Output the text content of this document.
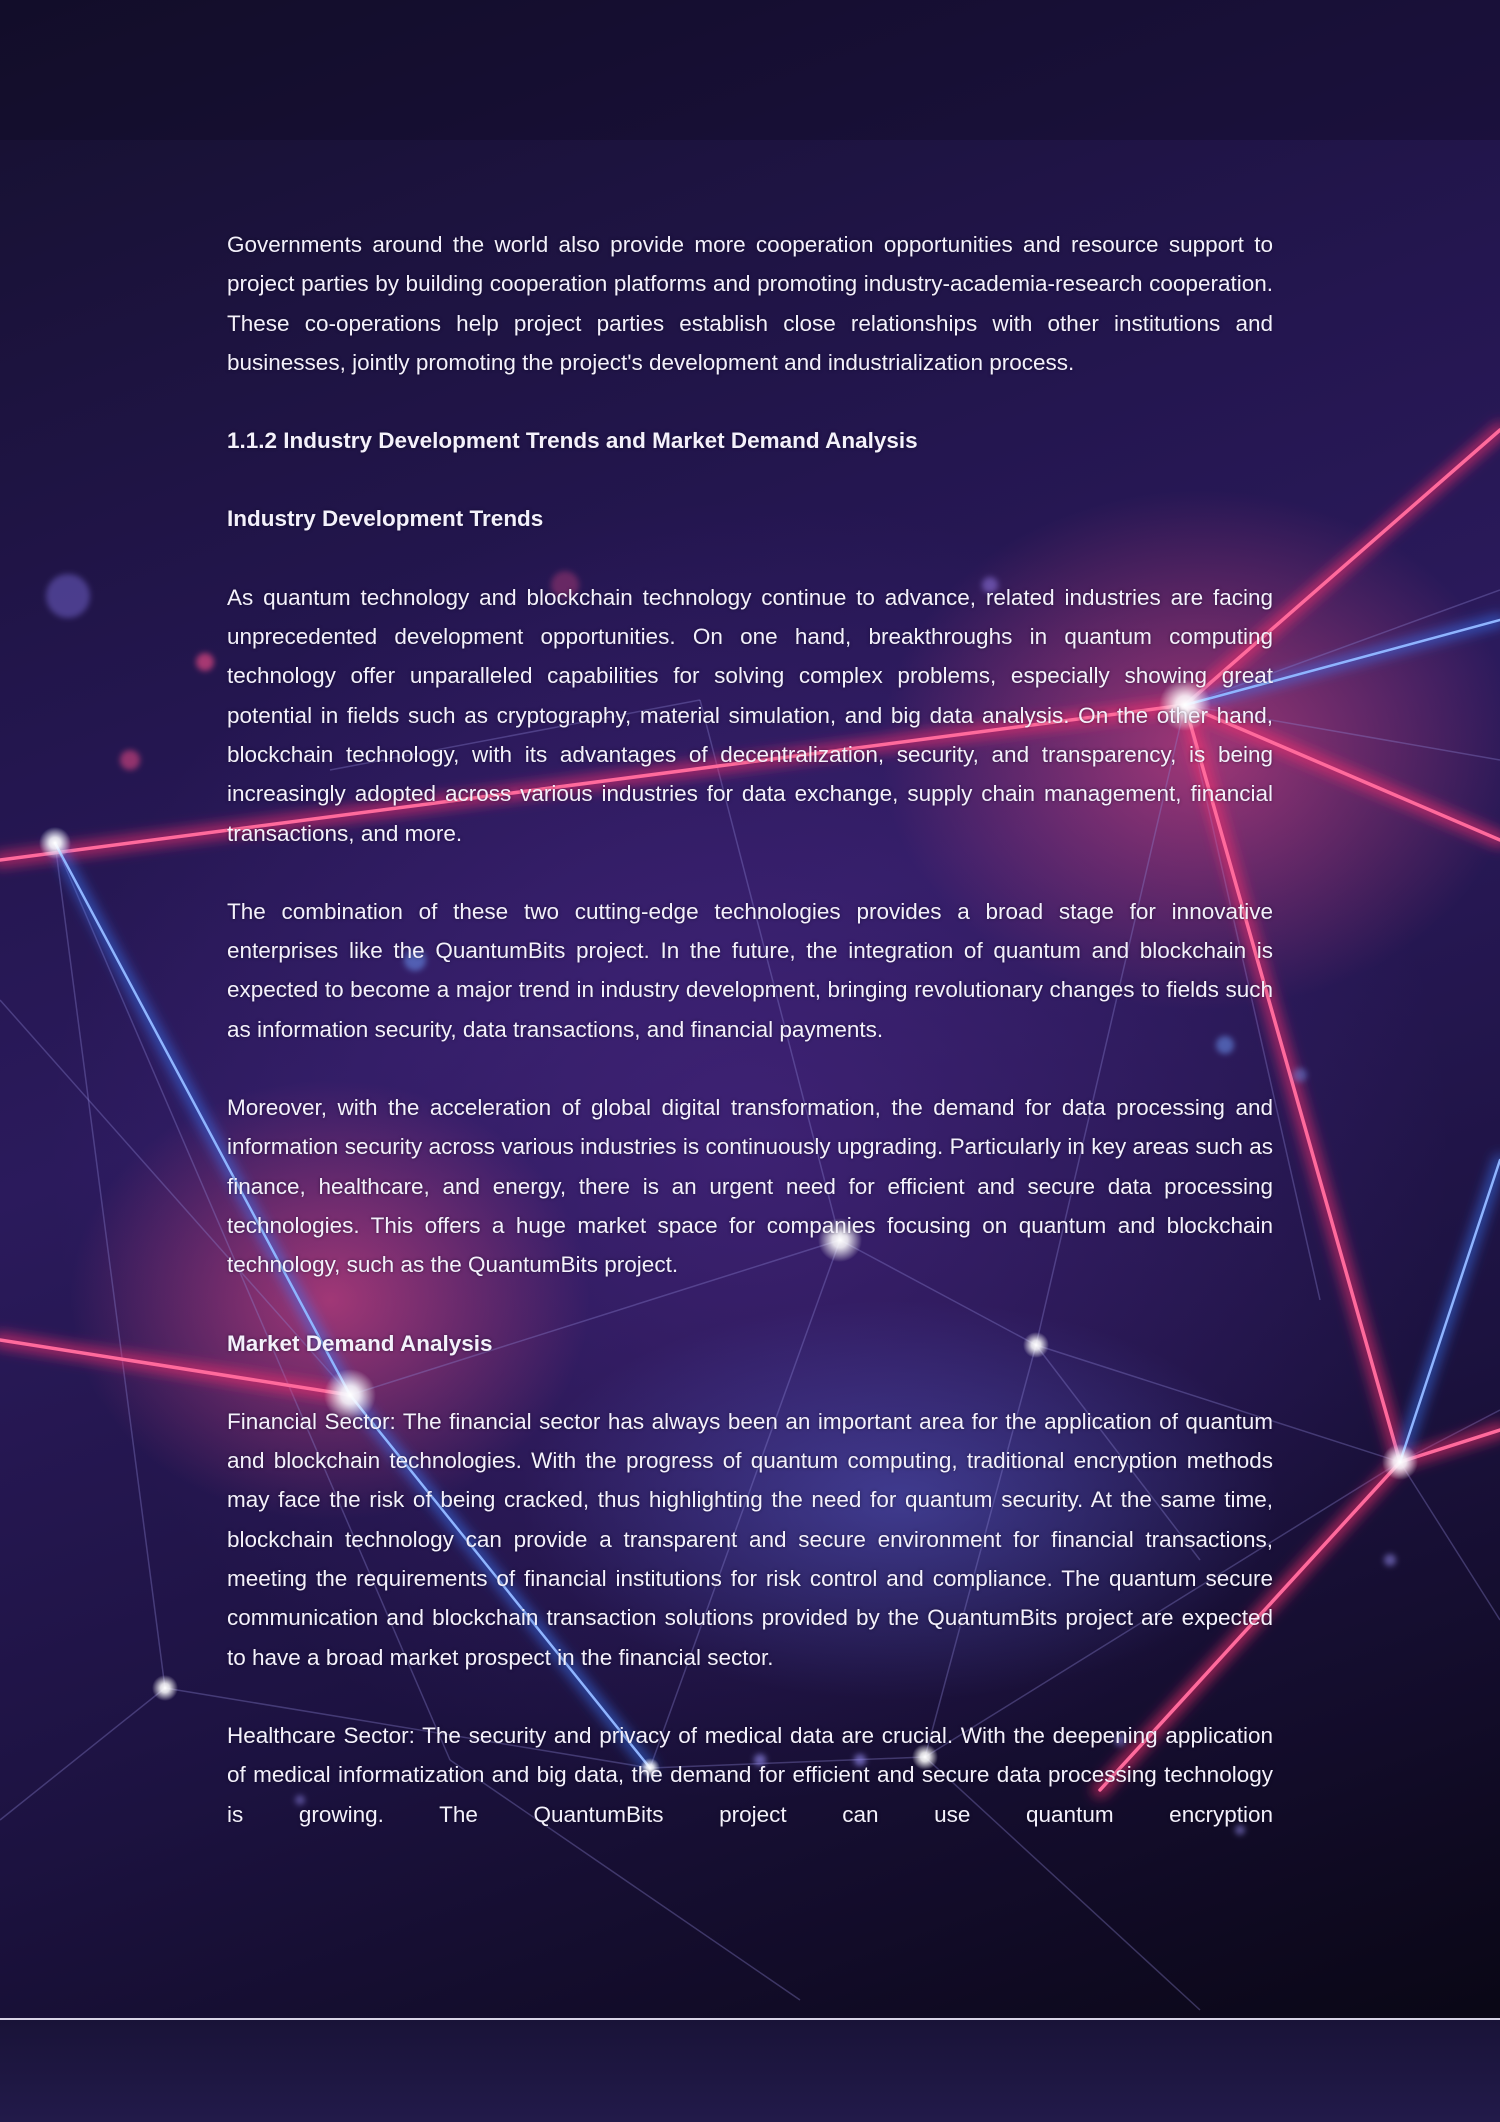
Governments around the world also provide more cooperation opportunities and resource support to project parties by building cooperation platforms and promoting industry-academia-research cooperation. These co-operations help project parties establish close relationships with other institutions and businesses, jointly promoting the project's development and industrialization process.

1.1.2 Industry Development Trends and Market Demand Analysis
Industry Development Trends

As quantum technology and blockchain technology continue to advance, related industries are facing unprecedented development opportunities. On one hand, breakthroughs in quantum computing technology offer unparalleled capabilities for solving complex problems, especially showing great potential in fields such as cryptography, material simulation, and big data analysis. On the other hand, blockchain technology, with its advantages of decentralization, security, and transparency, is being increasingly adopted across various industries for data exchange, supply chain management, financial transactions, and more.

The combination of these two cutting-edge technologies provides a broad stage for innovative enterprises like the QuantumBits project. In the future, the integration of quantum and blockchain is expected to become a major trend in industry development, bringing revolutionary changes to fields such as information security, data transactions, and financial payments.

Moreover, with the acceleration of global digital transformation, the demand for data processing and information security across various industries is continuously upgrading. Particularly in key areas such as finance, healthcare, and energy, there is an urgent need for efficient and secure data processing technologies. This offers a huge market space for companies focusing on quantum and blockchain technology, such as the QuantumBits project.

Market Demand Analysis

Financial Sector: The financial sector has always been an important area for the application of quantum and blockchain technologies. With the progress of quantum computing, traditional encryption methods may face the risk of being cracked, thus highlighting the need for quantum security. At the same time, blockchain technology can provide a transparent and secure environment for financial transactions, meeting the requirements of financial institutions for risk control and compliance. The quantum secure communication and blockchain transaction solutions provided by the QuantumBits project are expected to have a broad market prospect in the financial sector.

Healthcare Sector: The security and privacy of medical data are crucial. With the deepening application of medical informatization and big data, the demand for efficient and secure data processing technology is growing. The QuantumBits project can use quantum encryption
